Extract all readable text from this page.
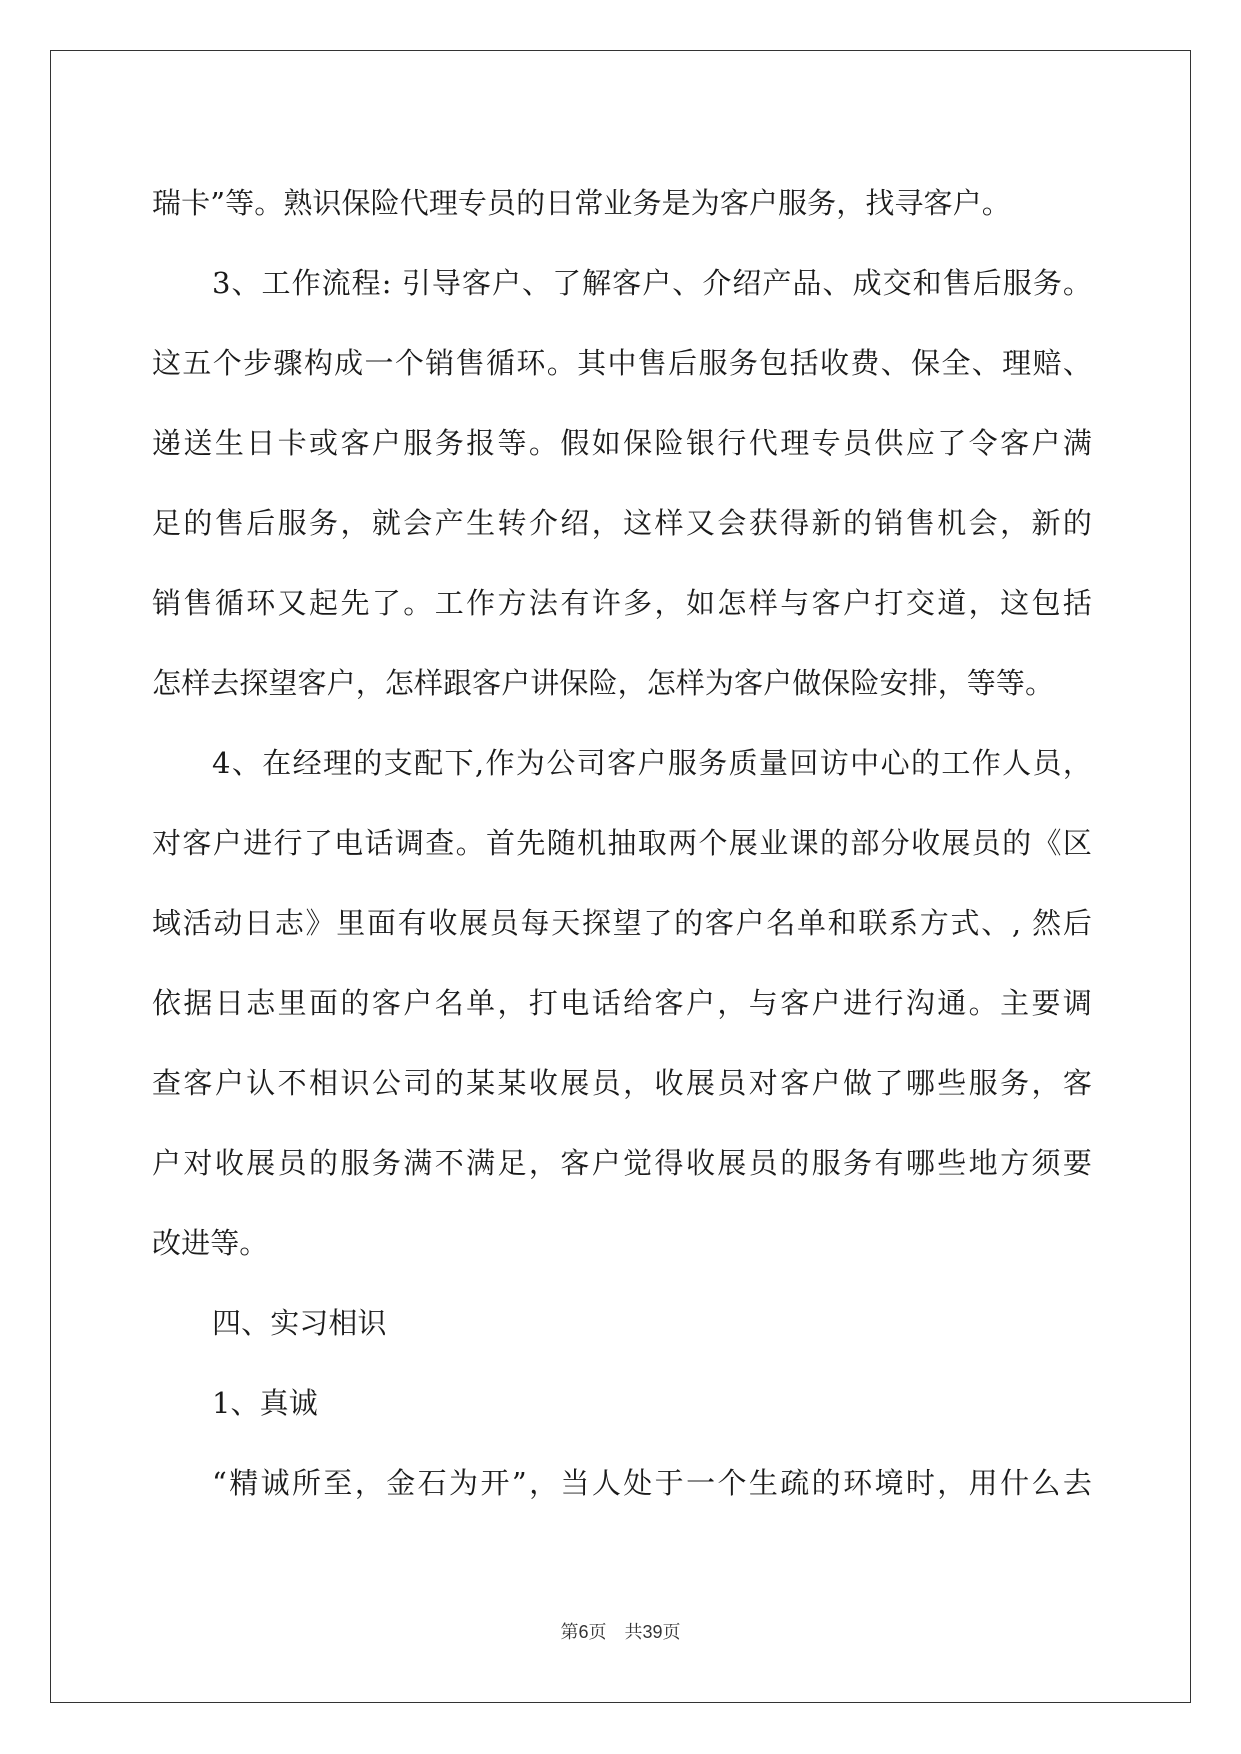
瑞卡”等。熟识保险代理专员的日常业务是为客户服务，找寻客户。
3、工作流程: 引导客户、了解客户、介绍产品、成交和售后服务。
这五个步骤构成一个销售循环。其中售后服务包括收费、保全、理赔、
递送生日卡或客户服务报等。假如保险银行代理专员供应了令客户满
足的售后服务，就会产生转介绍，这样又会获得新的销售机会，新的
销售循环又起先了。工作方法有许多，如怎样与客户打交道，这包括
怎样去探望客户，怎样跟客户讲保险，怎样为客户做保险安排，等等。
4、在经理的支配下,作为公司客户服务质量回访中心的工作人员，
对客户进行了电话调查。首先随机抽取两个展业课的部分收展员的《区
域活动日志》里面有收展员每天探望了的客户名单和联系方式、, 然后
依据日志里面的客户名单，打电话给客户，与客户进行沟通。主要调
查客户认不相识公司的某某收展员，收展员对客户做了哪些服务，客
户对收展员的服务满不满足，客户觉得收展员的服务有哪些地方须要
改进等。
四、实习相识
1、真诚
“精诚所至，金石为开”，当人处于一个生疏的环境时，用什么去
第6页　共39页
